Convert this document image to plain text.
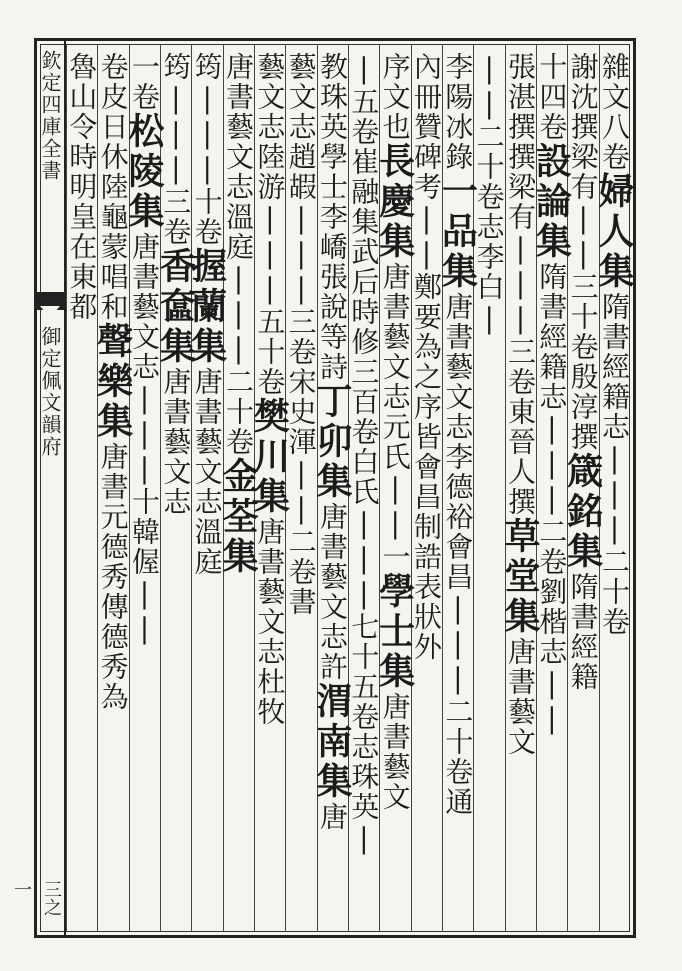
欽定四庫全書
御定佩文韻府
三之一
雜文八卷婦人集隋書經籍志|||二十卷
謝沈撰梁有||三十卷殷淳撰箴銘集隋書經籍
十四卷設論集隋書經籍志|||二卷劉楷志||
張湛撰撰梁有|||三卷東晉人撰草堂集唐書藝文
||二十卷志李白|
李陽冰錄一品集唐書藝文志李德裕會昌|||二十卷通
內冊贊碑考||鄭要為之序皆會昌制誥表狀外
序文也長慶集唐書藝文志元氏||一學士集唐書藝文
|五卷崔融集武后時修三百卷白氏|||七十五卷志珠英|
教珠英學士李嶠張說等詩丁卯集唐書藝文志許渭南集唐
藝文志趙嘏|||三卷宋史渾||二卷書
藝文志陸游|||五十卷樊川集唐書藝文志杜牧
唐書藝文志溫庭|||二十卷金荃集
筠|||十卷握蘭集唐書藝文志溫庭
筠|||三卷香奩集唐書藝文志
一卷松陵集唐書藝文志|||十韓偓||
卷皮日休陸龜蒙唱和聲樂集唐書元德秀傳德秀為
魯山令時明皇在東都
